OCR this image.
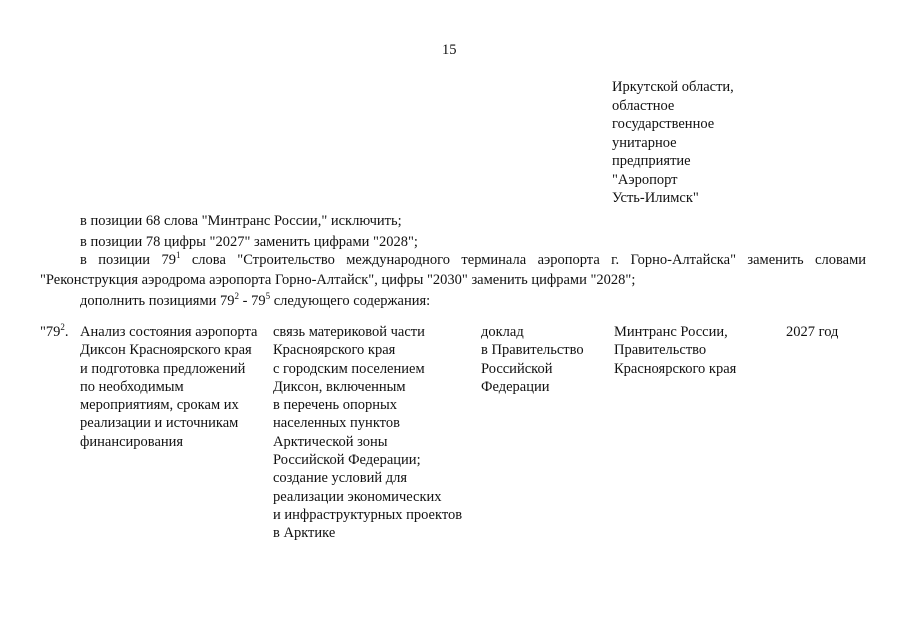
15
Иркутской области,
областное
государственное
унитарное
предприятие
"Аэропорт
Усть-Илимск"
в позиции 68 слова "Минтранс России," исключить;
в позиции 78 цифры "2027" заменить цифрами "2028";
в позиции $79^1$ слова "Строительство международного терминала аэропорта г. Горно-Алтайска" заменить словами
"Реконструкция аэродрома аэропорта Горно-Алтайск", цифры "2030" заменить цифрами "2028";
дополнить позициями $79^2 - 79^5$ следующего содержания:
"$79^2$. Анализ состояния аэропорта
Диксон Красноярского края
и подготовка предложений
по необходимым
мероприятиям, срокам их
реализации и источникам
финансирования
связь материковой части
Красноярского края
с городским поселением
Диксон, включенным
в перечень опорных
населенных пунктов
Арктической зоны
Российской Федерации;
создание условий для
реализации экономических
и инфраструктурных проектов
в Арктике
доклад
в Правительство
Российской
Федерации
Минтранс России,
Правительство
Красноярского края
2027 год
